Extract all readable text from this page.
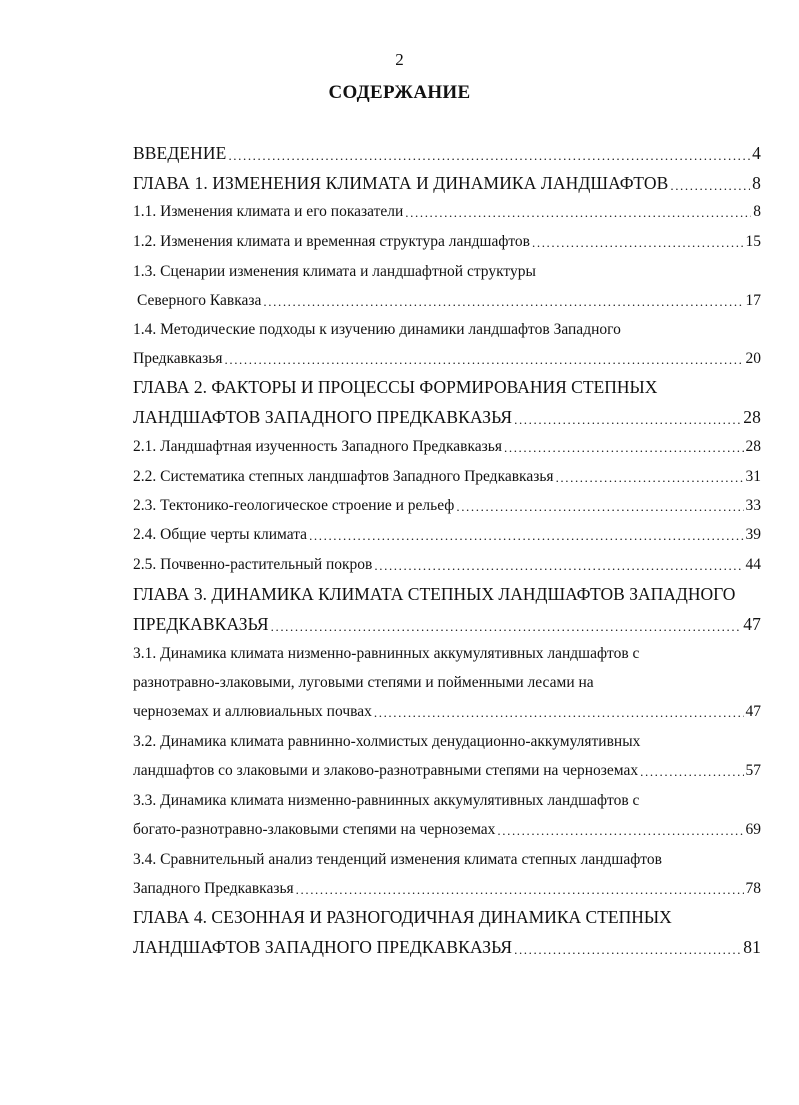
2
СОДЕРЖАНИЕ
ВВЕДЕНИЕ .....	4
ГЛАВА 1. ИЗМЕНЕНИЯ КЛИМАТА И ДИНАМИКА ЛАНДШАФТОВ .....	8
1.1. Изменения климата и его показатели .....	8
1.2. Изменения климата и временная структура ландшафтов .....	15
1.3. Сценарии изменения климата и ландшафтной структуры
Северного Кавказа .....	17
1.4. Методические подходы к изучению динамики ландшафтов Западного
Предкавказья .....	20
ГЛАВА 2. ФАКТОРЫ И ПРОЦЕССЫ ФОРМИРОВАНИЯ СТЕПНЫХ
ЛАНДШАФТОВ ЗАПАДНОГО ПРЕДКАВКАЗЬЯ .....	28
2.1. Ландшафтная изученность Западного Предкавказья .....	28
2.2. Систематика степных ландшафтов Западного Предкавказья .....	31
2.3. Тектонико-геологическое строение и рельеф .....	33
2.4. Общие черты климата .....	39
2.5. Почвенно-растительный покров .....	44
ГЛАВА 3. ДИНАМИКА КЛИМАТА СТЕПНЫХ ЛАНДШАФТОВ ЗАПАДНОГО
ПРЕДКАВКАЗЬЯ .....	47
3.1. Динамика климата низменно-равнинных аккумулятивных ландшафтов с
разнотравно-злаковыми, луговыми степями и пойменными лесами на
черноземах и аллювиальных почвах .....	47
3.2. Динамика климата равнинно-холмистых денудационно-аккумулятивных
ландшафтов со злаковыми и злаково-разнотравными степями на черноземах .....	57
3.3. Динамика климата низменно-равнинных аккумулятивных ландшафтов с
богато-разнотравно-злаковыми степями на черноземах .....	69
3.4. Сравнительный анализ тенденций изменения климата степных ландшафтов
Западного Предкавказья .....	78
ГЛАВА 4. СЕЗОННАЯ И РАЗНОГОДИЧНАЯ ДИНАМИКА СТЕПНЫХ
ЛАНДШАФТОВ ЗАПАДНОГО ПРЕДКАВКАЗЬЯ .....	81
